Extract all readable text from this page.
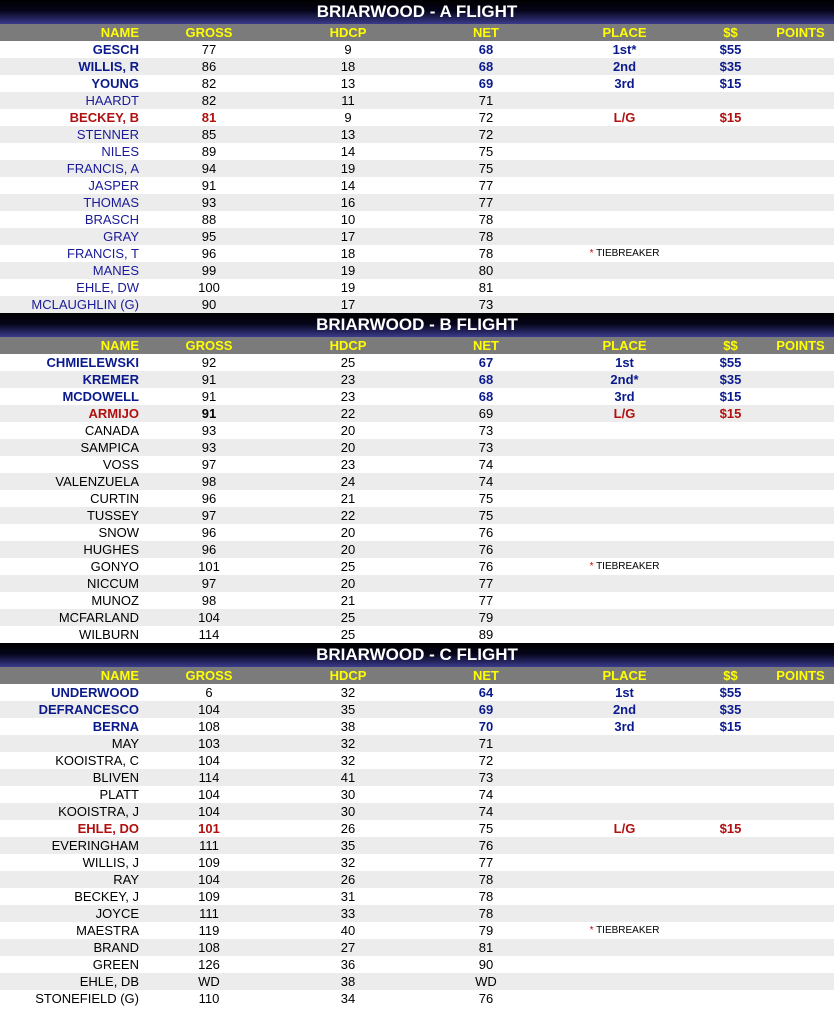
BRIARWOOD - A FLIGHT
NAME	GROSS	HDCP	NET	PLACE	$$	POINTS
GESCH	77	9	68	1st*	$55
WILLIS, R	86	18	68	2nd	$35
YOUNG	82	13	69	3rd	$15
HAARDT	82	11	71
BECKEY, B	81	9	72	L/G	$15
STENNER	85	13	72
NILES	89	14	75
FRANCIS, A	94	19	75
JASPER	91	14	77
THOMAS	93	16	77
BRASCH	88	10	78
GRAY	95	17	78
FRANCIS, T	96	18	78	* TIEBREAKER
MANES	99	19	80
EHLE, DW	100	19	81
MCLAUGHLIN (G)	90	17	73
BRIARWOOD - B FLIGHT
NAME	GROSS	HDCP	NET	PLACE	$$	POINTS
CHMIELEWSKI	92	25	67	1st	$55
KREMER	91	23	68	2nd*	$35
MCDOWELL	91	23	68	3rd	$15
ARMIJO	91	22	69	L/G	$15
CANADA	93	20	73
SAMPICA	93	20	73
VOSS	97	23	74
VALENZUELA	98	24	74
CURTIN	96	21	75
TUSSEY	97	22	75
SNOW	96	20	76
HUGHES	96	20	76
GONYO	101	25	76	* TIEBREAKER
NICCUM	97	20	77
MUNOZ	98	21	77
MCFARLAND	104	25	79
WILBURN	114	25	89
BRIARWOOD - C FLIGHT
NAME	GROSS	HDCP	NET	PLACE	$$	POINTS
UNDERWOOD	6	32	64	1st	$55
DEFRANCESCO	104	35	69	2nd	$35
BERNA	108	38	70	3rd	$15
MAY	103	32	71
KOOISTRA, C	104	32	72
BLIVEN	114	41	73
PLATT	104	30	74
KOOISTRA, J	104	30	74
EHLE, DO	101	26	75	L/G	$15
EVERINGHAM	111	35	76
WILLIS, J	109	32	77
RAY	104	26	78
BECKEY, J	109	31	78
JOYCE	111	33	78
MAESTRA	119	40	79	* TIEBREAKER
BRAND	108	27	81
GREEN	126	36	90
EHLE, DB	WD	38	WD
STONEFIELD (G)	110	34	76
